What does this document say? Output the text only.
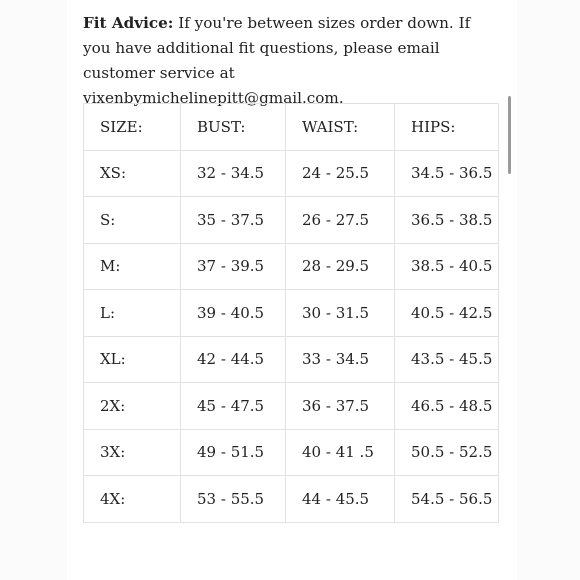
Fit Advice: If you're between sizes order down. If you have additional fit questions, please email customer service at vixenbymichelinepitt@gmail.com.

SIZE:	BUST:	WAIST:	HIPS:
XS:	32 - 34.5	24 - 25.5	34.5 - 36.5
S:	35 - 37.5	26 - 27.5	36.5 - 38.5
M:	37 - 39.5	28 - 29.5	38.5 - 40.5
L:	39 - 40.5	30 - 31.5	40.5 - 42.5
XL:	42 - 44.5	33 - 34.5	43.5 - 45.5
2X:	45 - 47.5	36 - 37.5	46.5 - 48.5
3X:	49 - 51.5	40 - 41 .5	50.5 - 52.5
4X:	53 - 55.5	44 - 45.5	54.5 - 56.5
